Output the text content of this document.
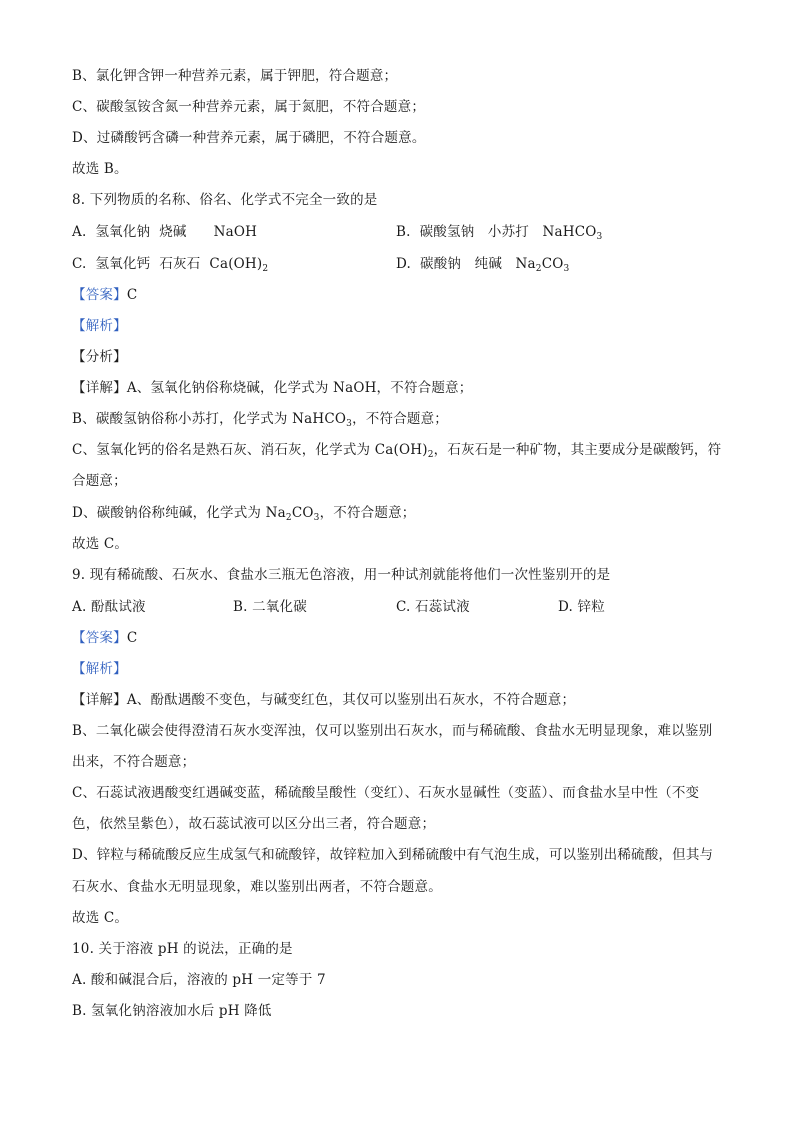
B、氯化钾含钾一种营养元素，属于钾肥，符合题意；
C、碳酸氢铵含氮一种营养元素，属于氮肥，不符合题意；
D、过磷酸钙含磷一种营养元素，属于磷肥，不符合题意。
故选 B。
8. 下列物质的名称、俗名、化学式不完全一致的是
A. 氢氧化钠 烧碱 NaOH	B. 碳酸氢钠 小苏打 NaHCO$_3$
C. 氢氧化钙 石灰石 $Ca(OH)_2$	D. 碳酸钠 纯碱 $Na_2CO_3$
【答案】C
【解析】
【分析】
【详解】A、氢氧化钠俗称烧碱，化学式为 NaOH，不符合题意；
B、碳酸氢钠俗称小苏打，化学式为 NaHCO$_3$，不符合题意；
C、氢氧化钙的俗名是熟石灰、消石灰，化学式为 $Ca(OH)_2$，石灰石是一种矿物，其主要成分是碳酸钙，符
合题意；
D、碳酸钠俗称纯碱，化学式为 $Na_2CO_3$，不符合题意；
故选 C。
9. 现有稀硫酸、石灰水、食盐水三瓶无色溶液，用一种试剂就能将他们一次性鉴别开的是
A. 酚酞试液	B. 二氧化碳	C. 石蕊试液	D. 锌粒
【答案】C
【解析】
【详解】A、酚酞遇酸不变色，与碱变红色，其仅可以鉴别出石灰水，不符合题意；
B、二氧化碳会使得澄清石灰水变浑浊，仅可以鉴别出石灰水，而与稀硫酸、食盐水无明显现象，难以鉴别
出来，不符合题意；
C、石蕊试液遇酸变红遇碱变蓝，稀硫酸呈酸性（变红）、石灰水显碱性（变蓝）、而食盐水呈中性（不变
色，依然呈紫色），故石蕊试液可以区分出三者，符合题意；
D、锌粒与稀硫酸反应生成氢气和硫酸锌，故锌粒加入到稀硫酸中有气泡生成，可以鉴别出稀硫酸，但其与
石灰水、食盐水无明显现象，难以鉴别出两者，不符合题意。
故选 C。
10. 关于溶液 pH 的说法，正确的是
A. 酸和碱混合后，溶液的 pH 一定等于 7
B. 氢氧化钠溶液加水后 pH 降低
